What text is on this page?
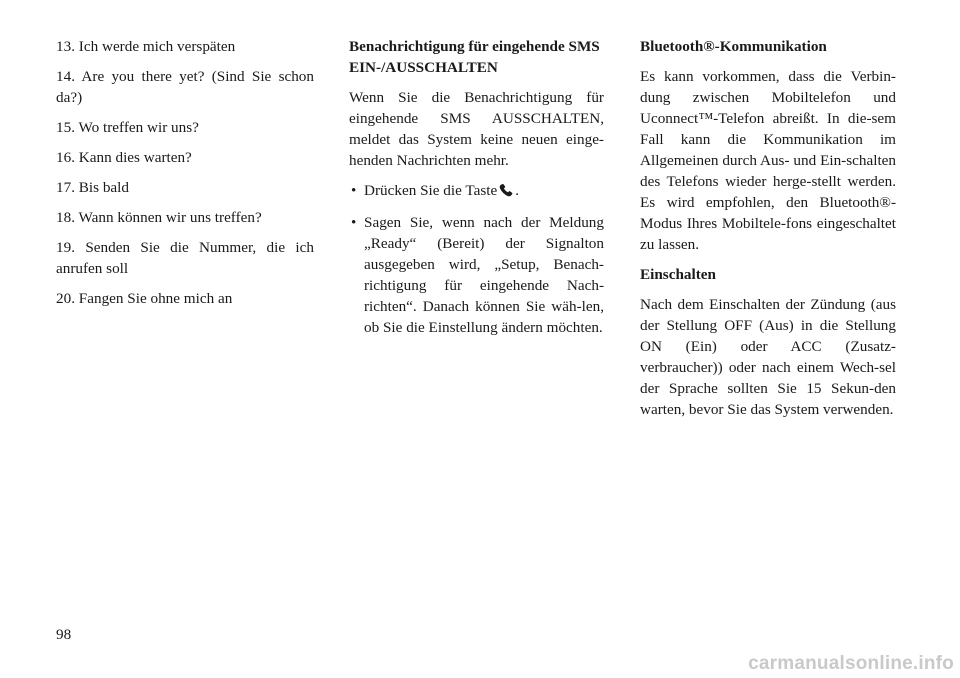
13. Ich werde mich verspäten
14. Are you there yet? (Sind Sie schon da?)
15. Wo treffen wir uns?
16. Kann dies warten?
17. Bis bald
18. Wann können wir uns treffen?
19. Senden Sie die Nummer, die ich anrufen soll
20. Fangen Sie ohne mich an
Benachrichtigung für eingehende SMS EIN-/AUSSCHALTEN

Wenn Sie die Benachrichtigung für eingehende SMS AUSSCHALTEN, meldet das System keine neuen einge-henden Nachrichten mehr.

• Drücken Sie die Taste .
• Sagen Sie, wenn nach der Meldung „Ready“ (Bereit) der Signalton ausgegeben wird, „Setup, Benach-richtigung für eingehende Nach-richten“. Danach können Sie wäh-len, ob Sie die Einstellung ändern möchten.
Bluetooth®-Kommunikation

Es kann vorkommen, dass die Verbin-dung zwischen Mobiltelefon und Uconnect™-Telefon abreißt. In die-sem Fall kann die Kommunikation im Allgemeinen durch Aus- und Ein-schalten des Telefons wieder herge-stellt werden. Es wird empfohlen, den Bluetooth®-Modus Ihres Mobiltele-fons eingeschaltet zu lassen.

Einschalten

Nach dem Einschalten der Zündung (aus der Stellung OFF (Aus) in die Stellung ON (Ein) oder ACC (Zusatz-verbraucher)) oder nach einem Wech-sel der Sprache sollten Sie 15 Sekun-den warten, bevor Sie das System verwenden.

98
carmanualsonline.info
